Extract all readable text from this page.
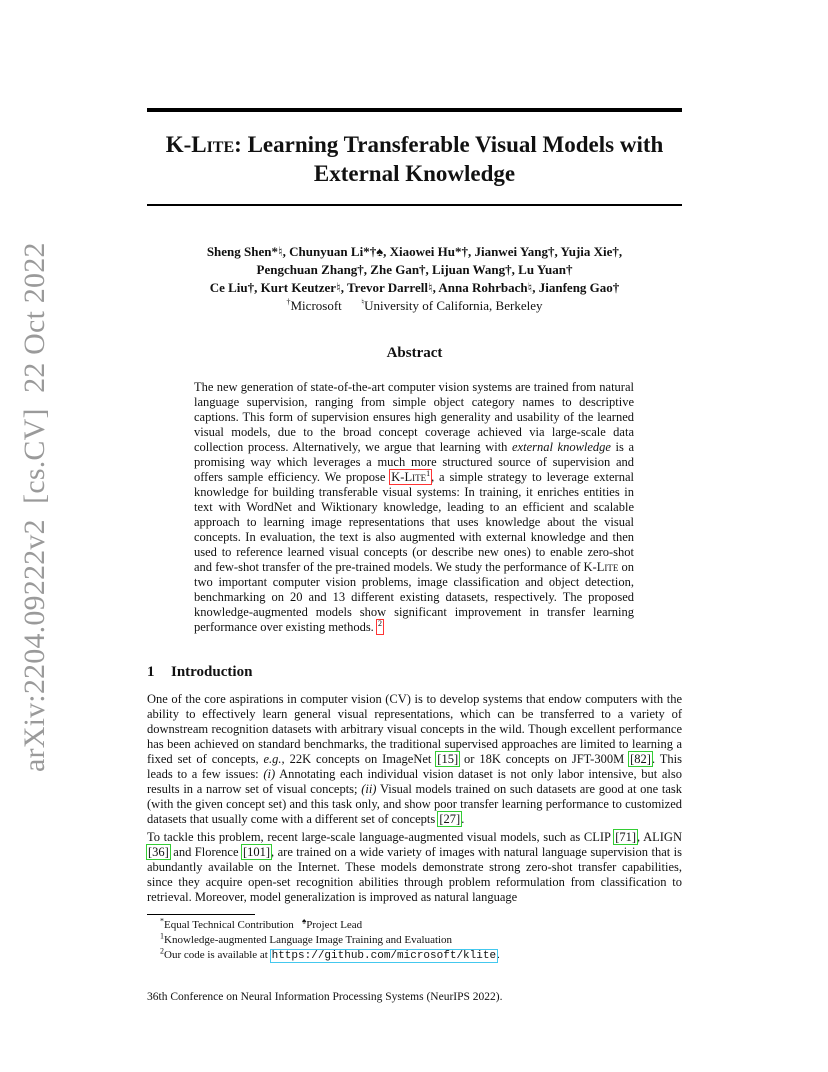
arXiv:2204.09222v2  [cs.CV]  22 Oct 2022
K-Lite: Learning Transferable Visual Models with
External Knowledge
Sheng Shen*♮, Chunyuan Li*†♠, Xiaowei Hu*†, Jianwei Yang†, Yujia Xie†,
Pengchuan Zhang†, Zhe Gan†, Lijuan Wang†, Lu Yuan†
Ce Liu†, Kurt Keutzer♮, Trevor Darrell♮, Anna Rohrbach♮, Jianfeng Gao†
†Microsoft ♮University of California, Berkeley
Abstract
The new generation of state-of-the-art computer vision systems are trained from natural language supervision, ranging from simple object category names to descriptive captions. This form of supervision ensures high generality and usability of the learned visual models, due to the broad concept coverage achieved via large-scale data collection process. Alternatively, we argue that learning with external knowledge is a promising way which leverages a much more structured source of supervision and offers sample efficiency. We propose K-Lite$^1$, a simple strategy to leverage external knowledge for building transferable visual systems: In training, it enriches entities in text with WordNet and Wiktionary knowledge, leading to an efficient and scalable approach to learning image representations that uses knowledge about the visual concepts. In evaluation, the text is also augmented with external knowledge and then used to reference learned visual concepts (or describe new ones) to enable zero-shot and few-shot transfer of the pre-trained models. We study the performance of K-Lite on two important computer vision problems, image classification and object detection, benchmarking on 20 and 13 different existing datasets, respectively. The proposed knowledge-augmented models show significant improvement in transfer learning performance over existing methods. $^2$
1 Introduction
One of the core aspirations in computer vision (CV) is to develop systems that endow computers with the ability to effectively learn general visual representations, which can be transferred to a variety of downstream recognition datasets with arbitrary visual concepts in the wild. Though excellent performance has been achieved on standard benchmarks, the traditional supervised approaches are limited to learning a fixed set of concepts, e.g., 22K concepts on ImageNet [15] or 18K concepts on JFT-300M [82]. This leads to a few issues: (i) Annotating each individual vision dataset is not only labor intensive, but also results in a narrow set of visual concepts; (ii) Visual models trained on such datasets are good at one task (with the given concept set) and this task only, and show poor transfer learning performance to customized datasets that usually come with a different set of concepts [27].
To tackle this problem, recent large-scale language-augmented visual models, such as CLIP [71], ALIGN [36] and Florence [101], are trained on a wide variety of images with natural language supervision that is abundantly available on the Internet. These models demonstrate strong zero-shot transfer capabilities, since they acquire open-set recognition abilities through problem reformulation from classification to retrieval. Moreover, model generalization is improved as natural language
*Equal Technical Contribution ♠Project Lead
$^1$Knowledge-augmented Language Image Training and Evaluation
$^2$Our code is available at https://github.com/microsoft/klite.
36th Conference on Neural Information Processing Systems (NeurIPS 2022).
